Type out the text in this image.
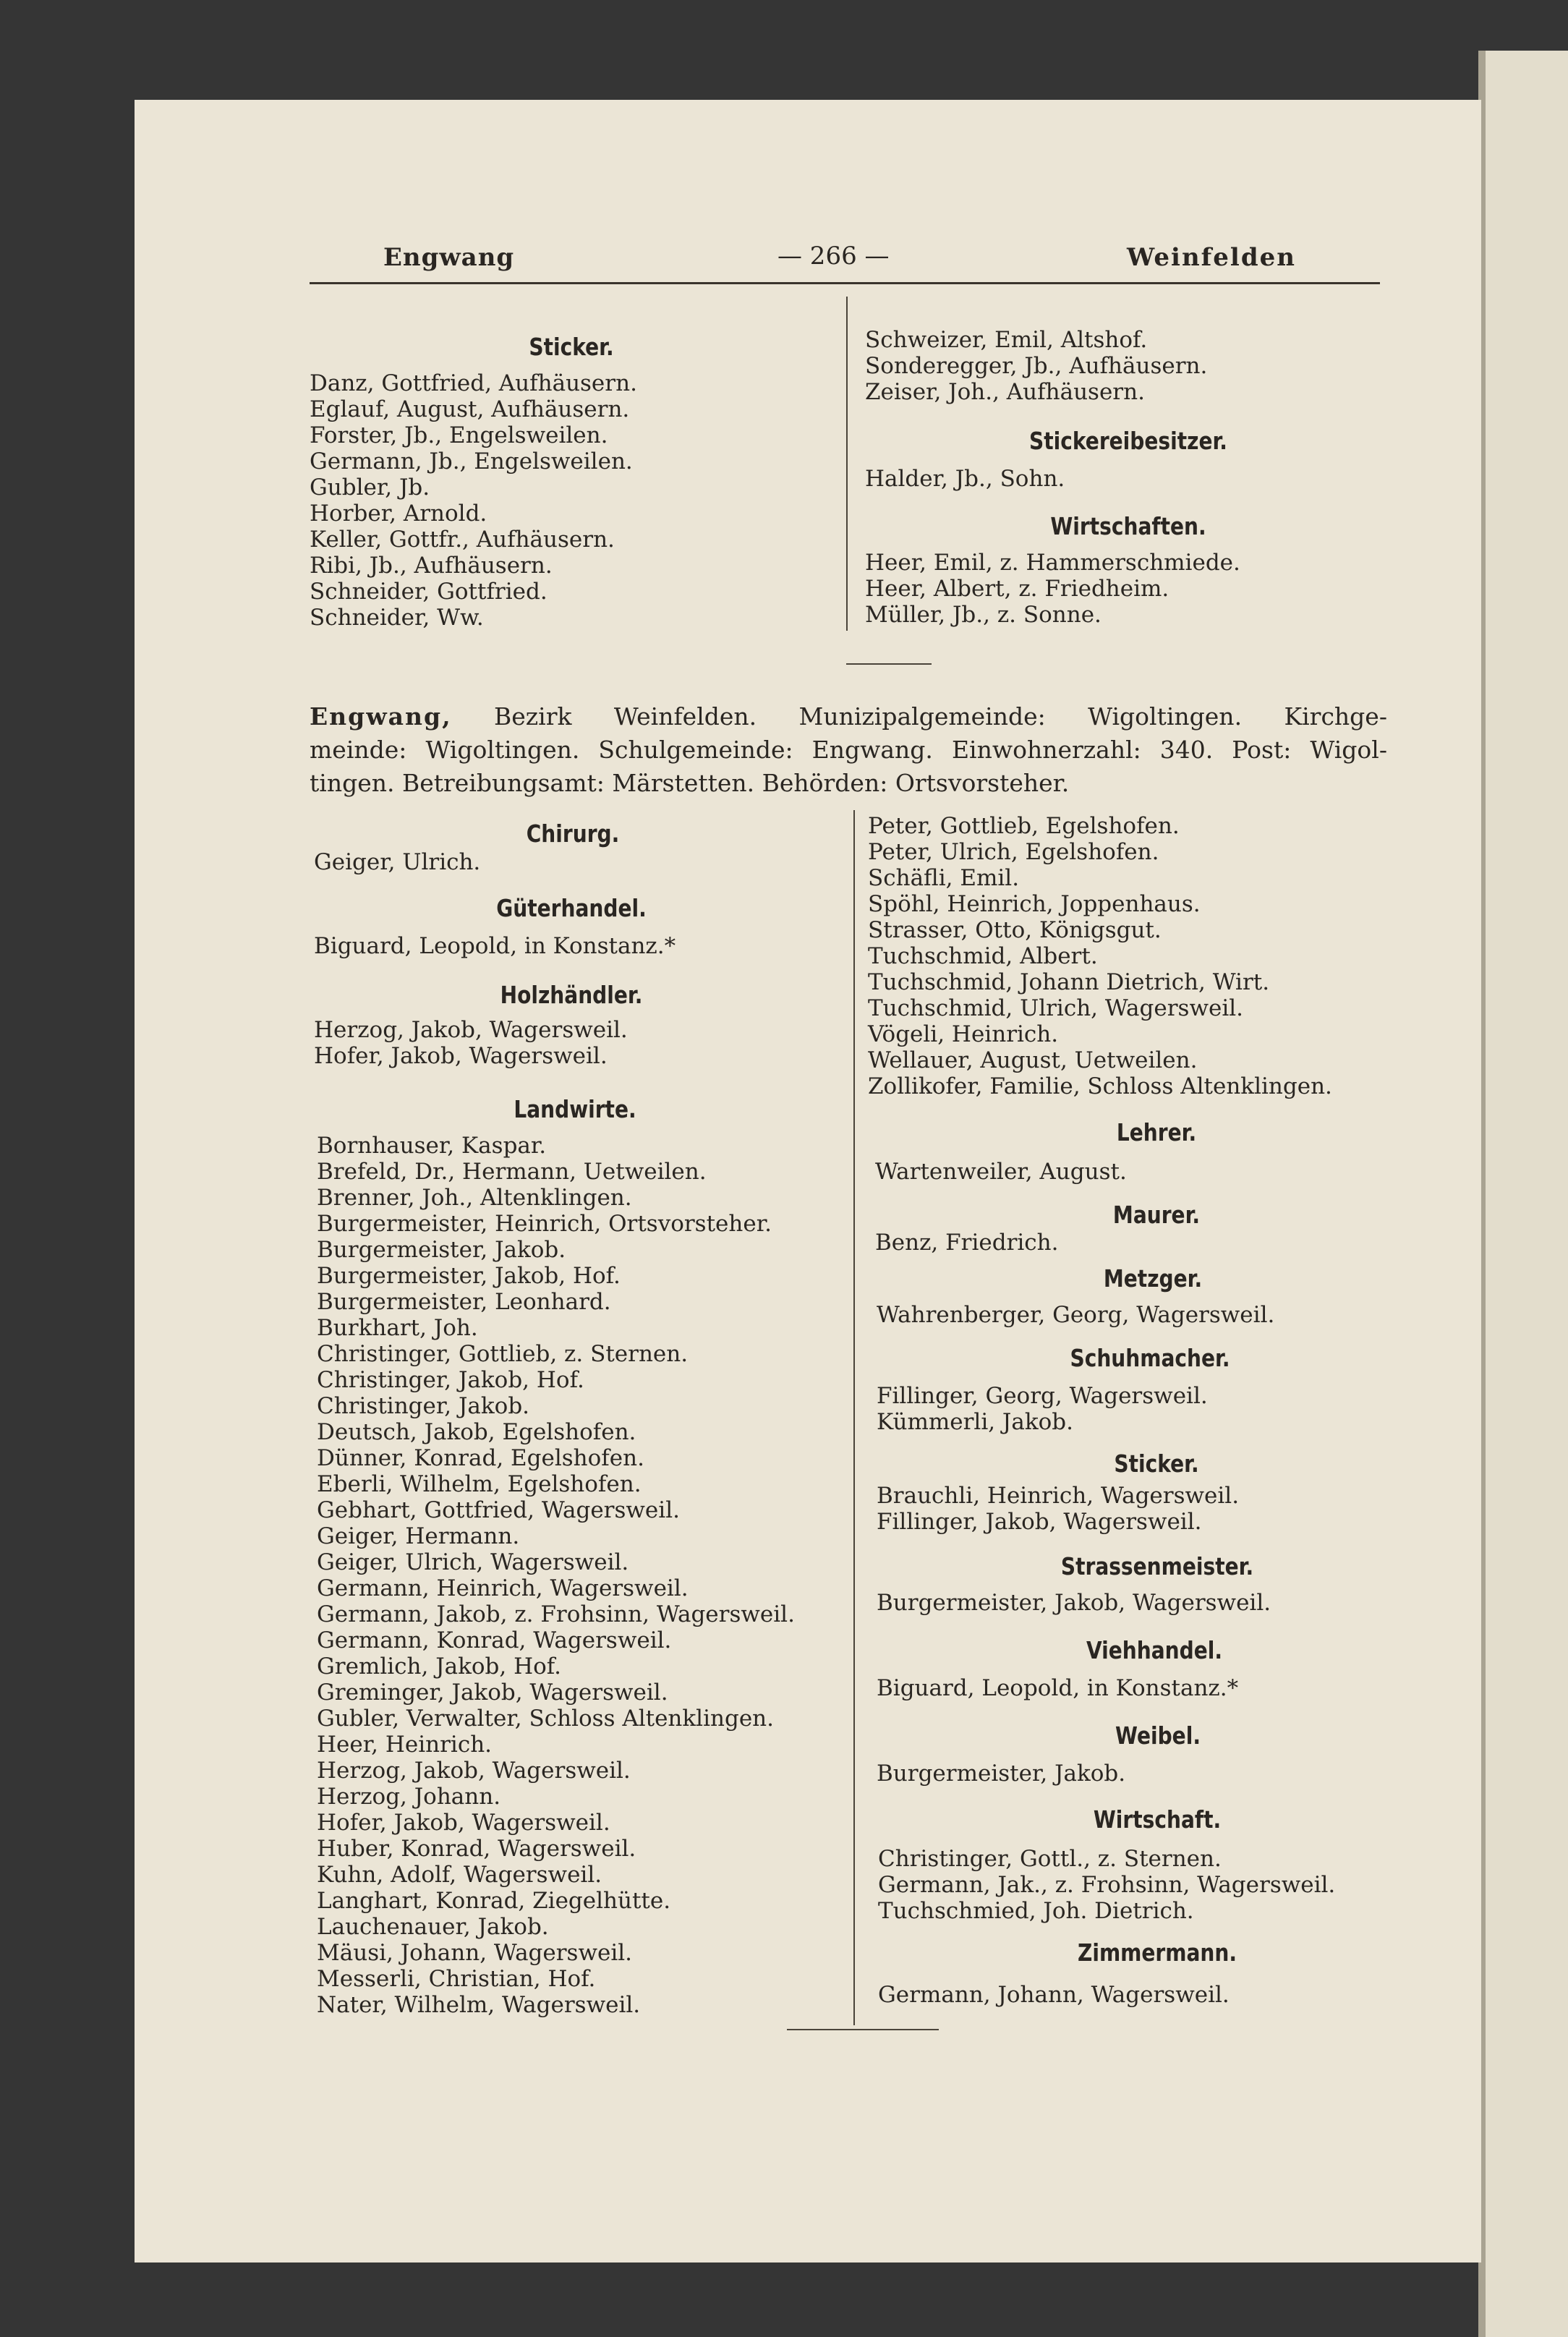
Engwang	— 266 —	Weinfelden
Sticker.
Danz, Gottfried, Aufhäusern.
Eglauf, August, Aufhäusern.
Forster, Jb., Engelsweilen.
Germann, Jb., Engelsweilen.
Gubler, Jb.
Horber, Arnold.
Keller, Gottfr., Aufhäusern.
Ribi, Jb., Aufhäusern.
Schneider, Gottfried.
Schneider, Ww.
Schweizer, Emil, Altshof.
Sonderegger, Jb., Aufhäusern.
Zeiser, Joh., Aufhäusern.
Stickereibesitzer.
Halder, Jb., Sohn.
Wirtschaften.
Heer, Emil, z. Hammerschmiede.
Heer, Albert, z. Friedheim.
Müller, Jb., z. Sonne.
Engwang, Bezirk Weinfelden. Munizipalgemeinde: Wigoltingen. Kirchge-
meinde: Wigoltingen. Schulgemeinde: Engwang. Einwohnerzahl: 340. Post: Wigol-
tingen. Betreibungsamt: Märstetten. Behörden: Ortsvorsteher.
Chirurg.
Geiger, Ulrich.
Güterhandel.
Biguard, Leopold, in Konstanz.*
Holzhändler.
Herzog, Jakob, Wagersweil.
Hofer, Jakob, Wagersweil.
Landwirte.
Bornhauser, Kaspar.
Brefeld, Dr., Hermann, Uetweilen.
Brenner, Joh., Altenklingen.
Burgermeister, Heinrich, Ortsvorsteher.
Burgermeister, Jakob.
Burgermeister, Jakob, Hof.
Burgermeister, Leonhard.
Burkhart, Joh.
Christinger, Gottlieb, z. Sternen.
Christinger, Jakob, Hof.
Christinger, Jakob.
Deutsch, Jakob, Egelshofen.
Dünner, Konrad, Egelshofen.
Eberli, Wilhelm, Egelshofen.
Gebhart, Gottfried, Wagersweil.
Geiger, Hermann.
Geiger, Ulrich, Wagersweil.
Germann, Heinrich, Wagersweil.
Germann, Jakob, z. Frohsinn, Wagersweil.
Germann, Konrad, Wagersweil.
Gremlich, Jakob, Hof.
Greminger, Jakob, Wagersweil.
Gubler, Verwalter, Schloss Altenklingen.
Heer, Heinrich.
Herzog, Jakob, Wagersweil.
Herzog, Johann.
Hofer, Jakob, Wagersweil.
Huber, Konrad, Wagersweil.
Kuhn, Adolf, Wagersweil.
Langhart, Konrad, Ziegelhütte.
Lauchenauer, Jakob.
Mäusi, Johann, Wagersweil.
Messerli, Christian, Hof.
Nater, Wilhelm, Wagersweil.
Peter, Gottlieb, Egelshofen.
Peter, Ulrich, Egelshofen.
Schäfli, Emil.
Spöhl, Heinrich, Joppenhaus.
Strasser, Otto, Königsgut.
Tuchschmid, Albert.
Tuchschmid, Johann Dietrich, Wirt.
Tuchschmid, Ulrich, Wagersweil.
Vögeli, Heinrich.
Wellauer, August, Uetweilen.
Zollikofer, Familie, Schloss Altenklingen.
Lehrer.
Wartenweiler, August.
Maurer.
Benz, Friedrich.
Metzger.
Wahrenberger, Georg, Wagersweil.
Schuhmacher.
Fillinger, Georg, Wagersweil.
Kümmerli, Jakob.
Sticker.
Brauchli, Heinrich, Wagersweil.
Fillinger, Jakob, Wagersweil.
Strassenmeister.
Burgermeister, Jakob, Wagersweil.
Viehhandel.
Biguard, Leopold, in Konstanz.*
Weibel.
Burgermeister, Jakob.
Wirtschaft.
Christinger, Gottl., z. Sternen.
Germann, Jak., z. Frohsinn, Wagersweil.
Tuchschmied, Joh. Dietrich.
Zimmermann.
Germann, Johann, Wagersweil.
